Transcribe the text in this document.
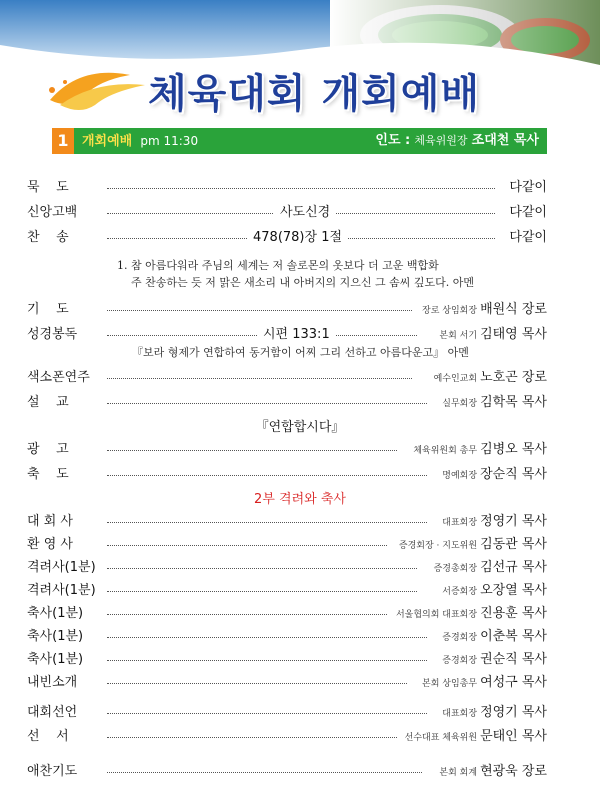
체육대회 개회예배
1	개회예배 pm 11:30	인도 : 체육위원장 조대천 목사
묵    도	다같이
신앙고백	사도신경	다같이
찬    송	478(78)장 1절	다같이
1. 참 아름다워라 주님의 세계는 저 솔로몬의 옷보다 더 고운 백합화
주 찬송하는 듯 저 맑은 새소리 내 아버지의 지으신 그 솜씨 깊도다. 아멘
기    도	장로 상임회장 배원식 장로
성경봉독	시편 133:1	본회 서기 김태영 목사
『보라 형제가 연합하여 동거함이 어찌 그리 선하고 아름다운고』 아멘
색소폰연주	예수인교회 노호곤 장로
설    교	실무회장 김학목 목사
『연합합시다』
광    고	체육위원회 총무 김병오 목사
축    도	명예회장 장순직 목사
2부 격려와 축사
대 회 사	대표회장 정영기 목사
환 영 사	증경회장 · 지도위원 김동관 목사
격려사(1분)	증경총회장 김선규 목사
격려사(1분)	서증회장 오장열 목사
축사(1분)	서울협의회 대표회장 진용훈 목사
축사(1분)	증경회장 이춘복 목사
축사(1분)	증경회장 권순직 목사
내빈소개	본회 상임총무 여성구 목사
대회선언	대표회장 정영기 목사
선    서	선수대표 체육위원 문태인 목사
애찬기도	본회 회계 현광욱 장로
